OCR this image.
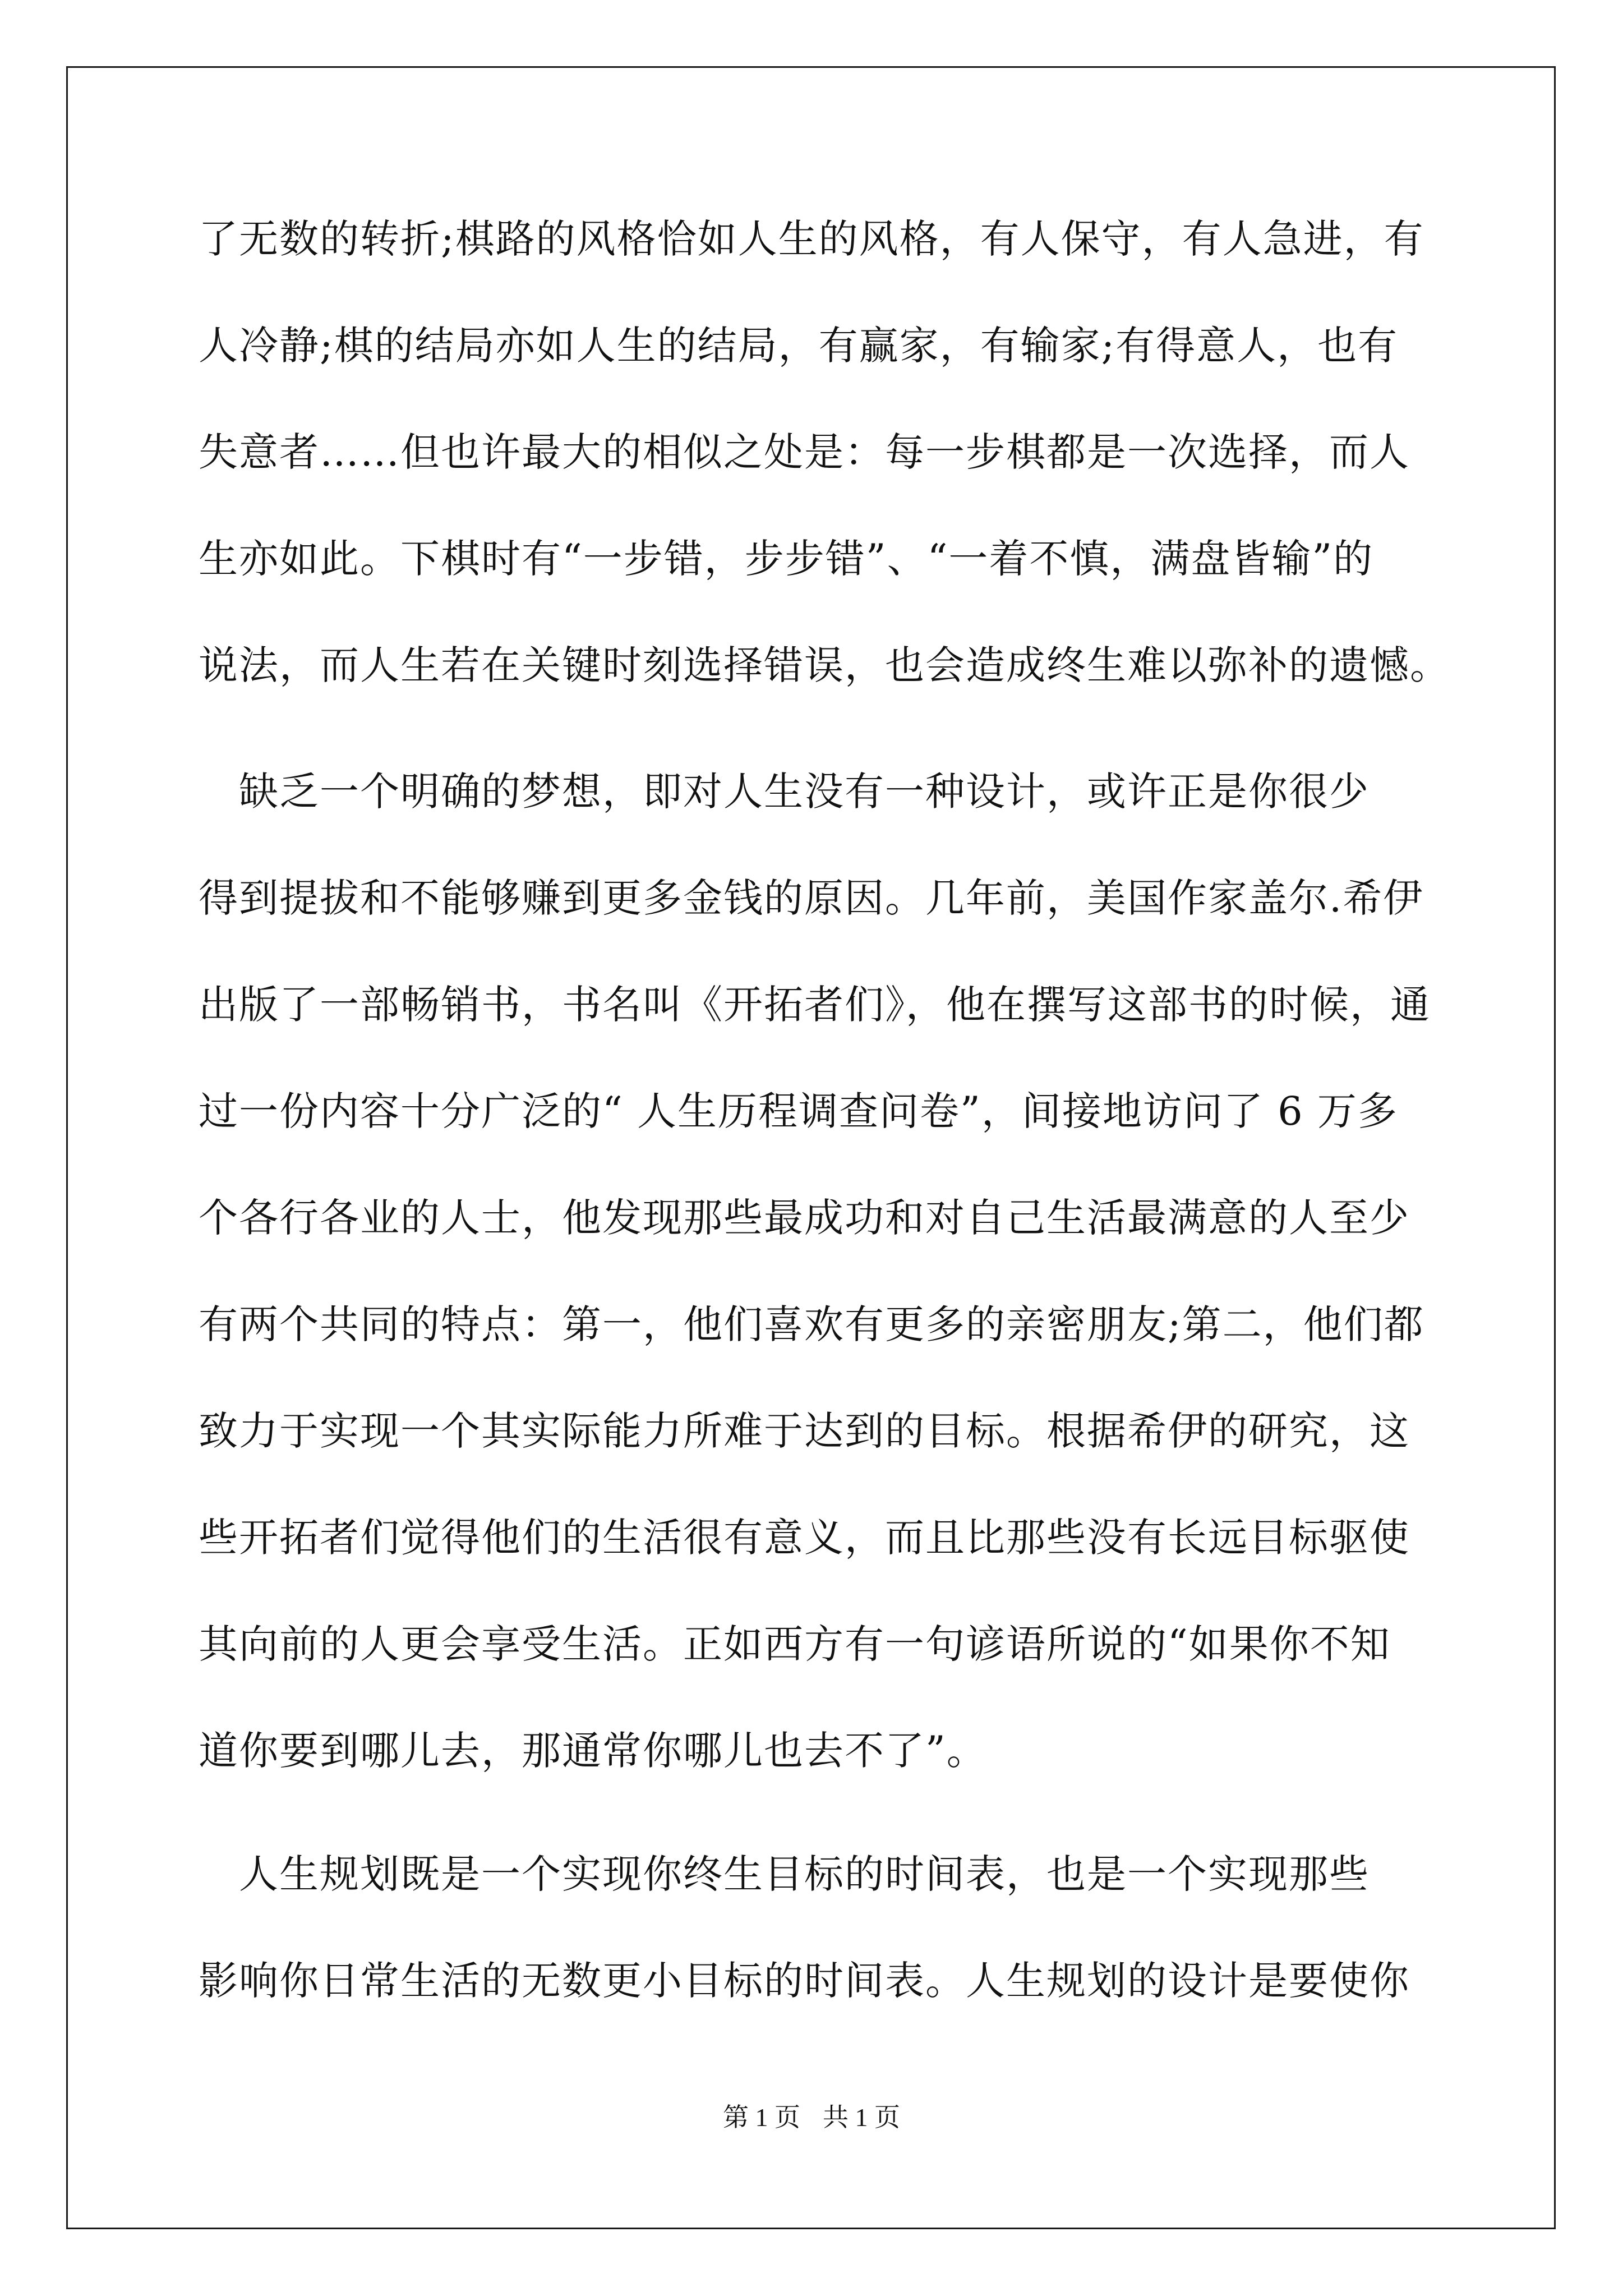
了无数的转折;棋路的风格恰如人生的风格，有人保守，有人急进，有
人冷静;棋的结局亦如人生的结局，有赢家，有输家;有得意人，也有
失意者……但也许最大的相似之处是：每一步棋都是一次选择，而人
生亦如此。下棋时有“一步错，步步错”、“一着不慎，满盘皆输”的
说法，而人生若在关键时刻选择错误，也会造成终生难以弥补的遗憾。
　缺乏一个明确的梦想，即对人生没有一种设计，或许正是你很少
得到提拔和不能够赚到更多金钱的原因。几年前，美国作家盖尔.希伊
出版了一部畅销书，书名叫《开拓者们》，他在撰写这部书的时候，通
过一份内容十分广泛的“ 人生历程调查问卷”，间接地访问了 6 万多
个各行各业的人士，他发现那些最成功和对自己生活最满意的人至少
有两个共同的特点：第一，他们喜欢有更多的亲密朋友;第二，他们都
致力于实现一个其实际能力所难于达到的目标。根据希伊的研究，这
些开拓者们觉得他们的生活很有意义，而且比那些没有长远目标驱使
其向前的人更会享受生活。正如西方有一句谚语所说的“如果你不知
道你要到哪儿去，那通常你哪儿也去不了”。
　人生规划既是一个实现你终生目标的时间表，也是一个实现那些
影响你日常生活的无数更小目标的时间表。人生规划的设计是要使你
第 1 页 共 1 页
